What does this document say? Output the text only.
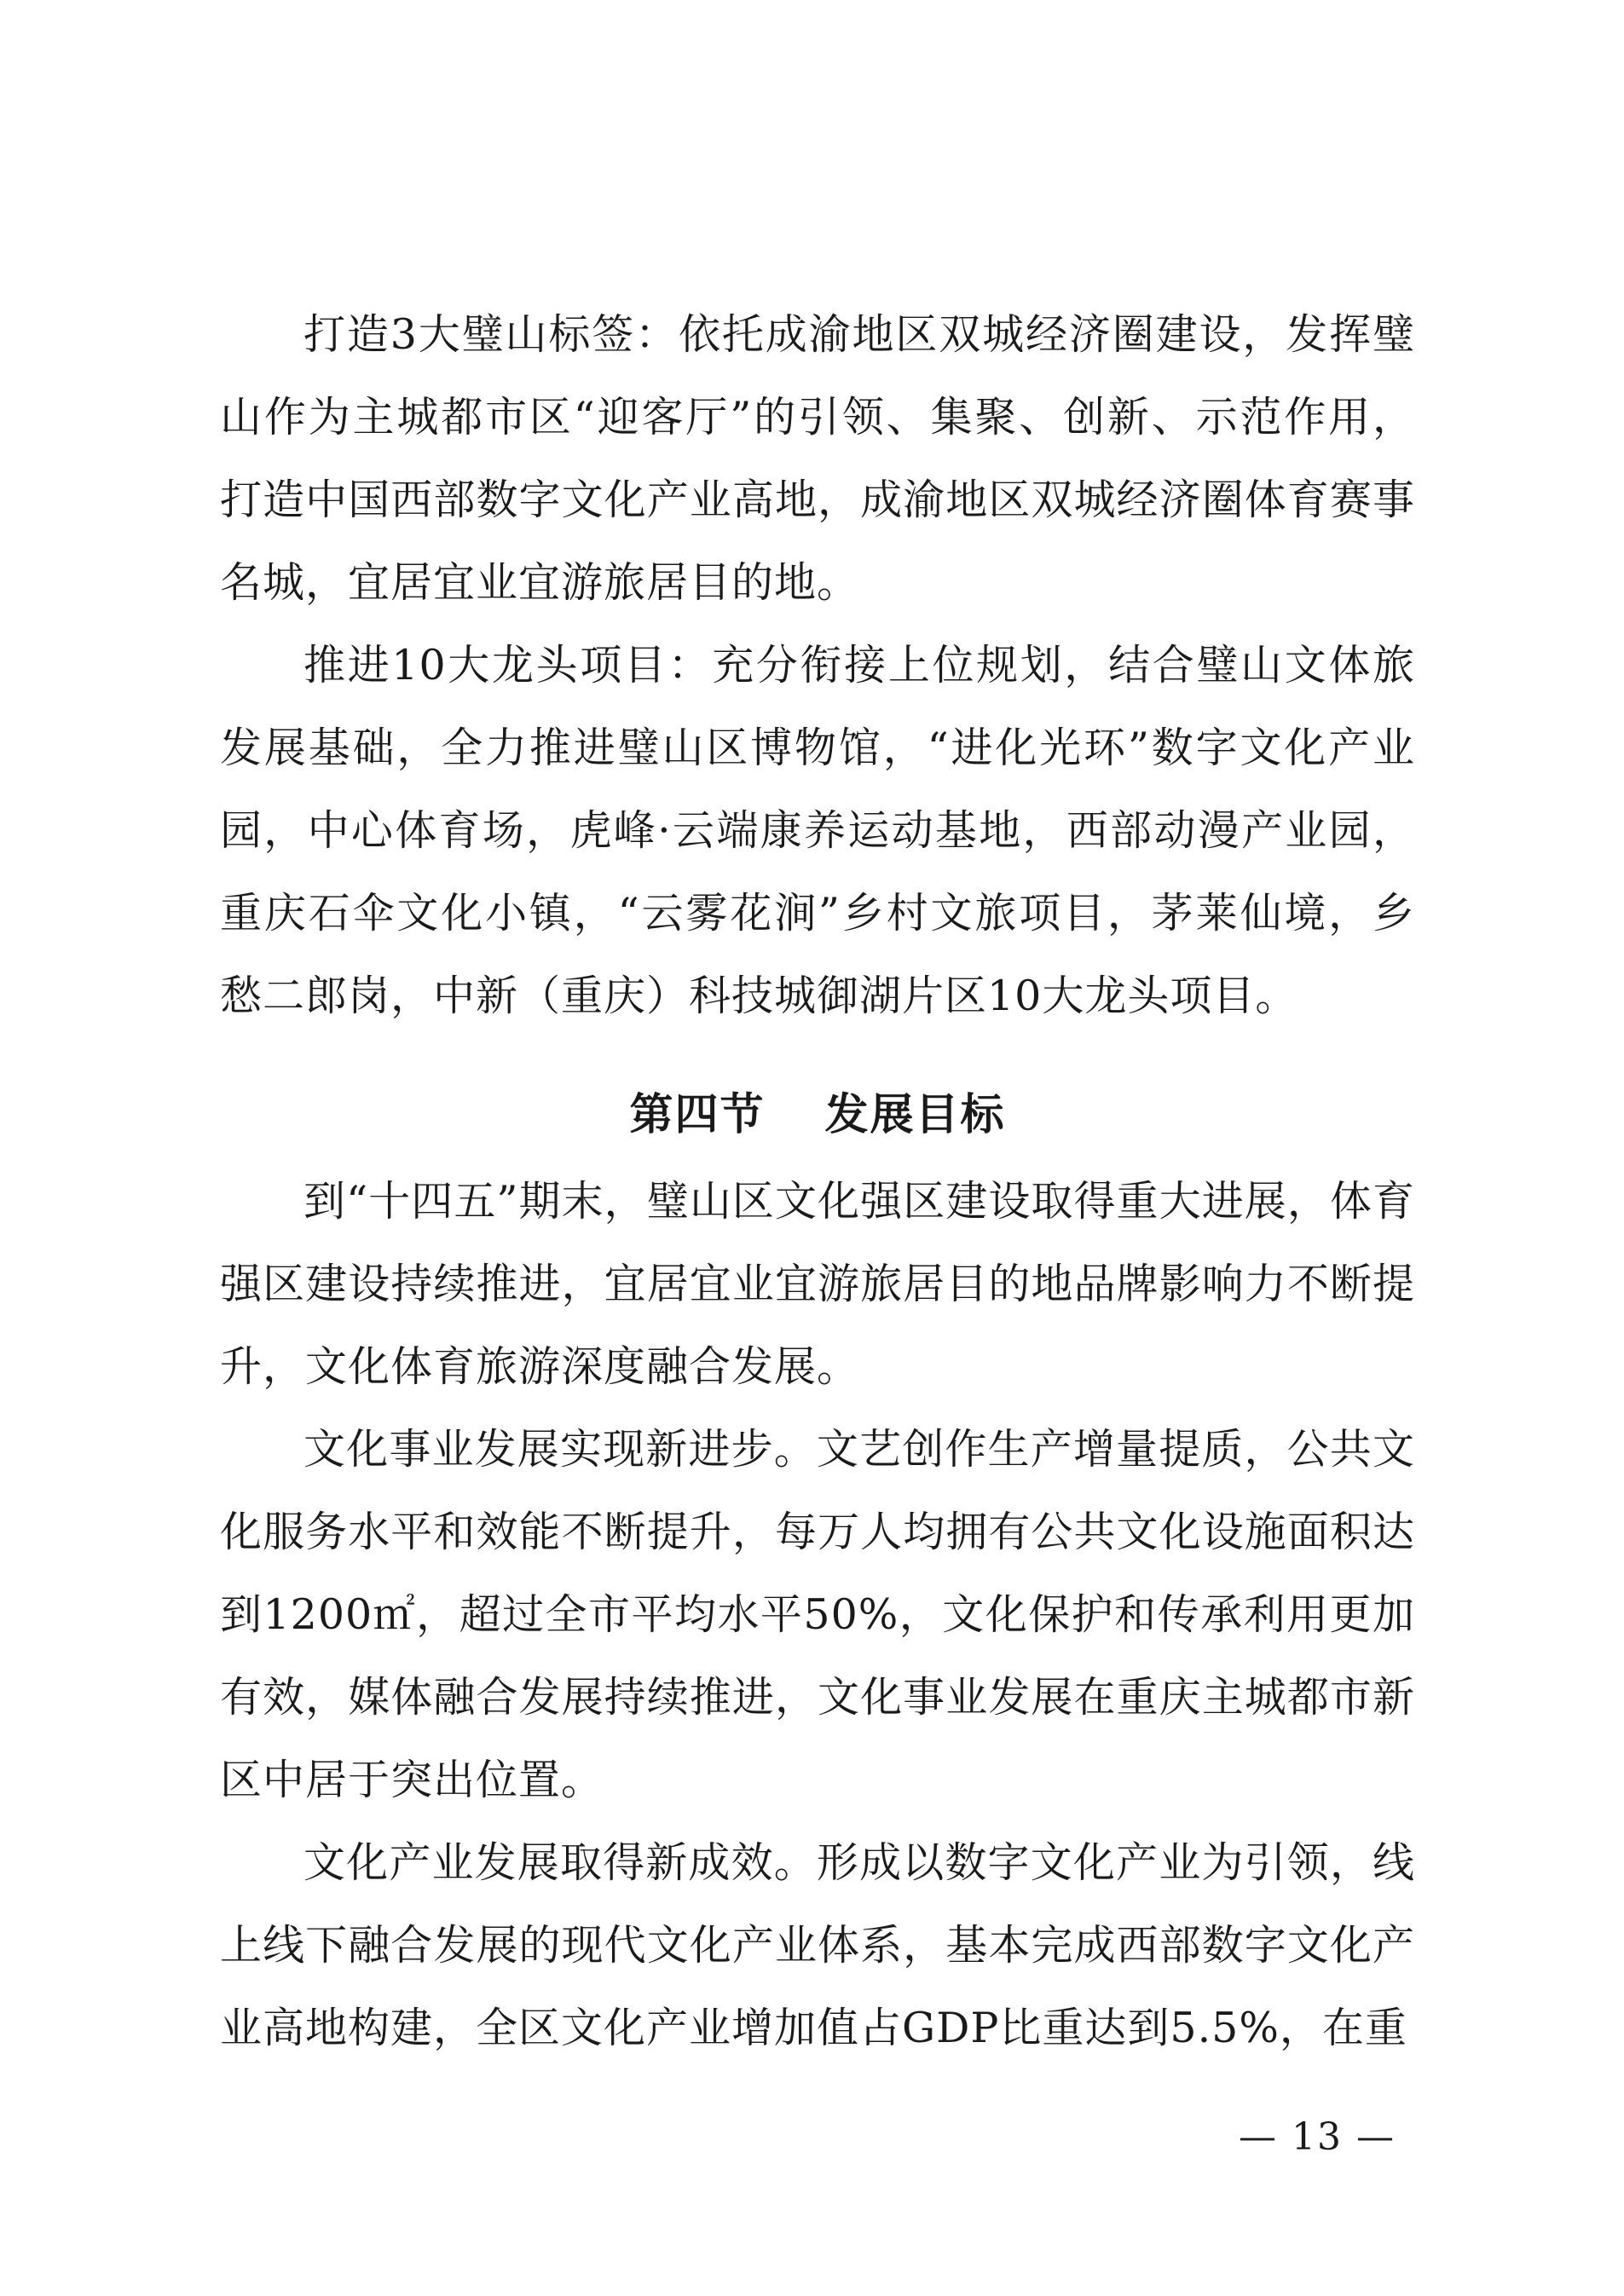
打造3大璧山标签：依托成渝地区双城经济圈建设，发挥璧山作为主城都市区“迎客厅”的引领、集聚、创新、示范作用，打造中国西部数字文化产业高地，成渝地区双城经济圈体育赛事名城，宜居宜业宜游旅居目的地。

推进10大龙头项目：充分衔接上位规划，结合璧山文体旅发展基础，全力推进璧山区博物馆，“进化光环”数字文化产业园，中心体育场，虎峰·云端康养运动基地，西部动漫产业园，重庆石伞文化小镇，“云雾花涧”乡村文旅项目，茅莱仙境，乡愁二郎岗，中新（重庆）科技城御湖片区10大龙头项目。

第四节 发展目标

到“十四五”期末，璧山区文化强区建设取得重大进展，体育强区建设持续推进，宜居宜业宜游旅居目的地品牌影响力不断提升，文化体育旅游深度融合发展。

文化事业发展实现新进步。文艺创作生产增量提质，公共文化服务水平和效能不断提升，每万人均拥有公共文化设施面积达到1200㎡，超过全市平均水平50%，文化保护和传承利用更加有效，媒体融合发展持续推进，文化事业发展在重庆主城都市新区中居于突出位置。

文化产业发展取得新成效。形成以数字文化产业为引领，线上线下融合发展的现代文化产业体系，基本完成西部数字文化产业高地构建，全区文化产业增加值占GDP比重达到5.5%，在重

— 13 —
